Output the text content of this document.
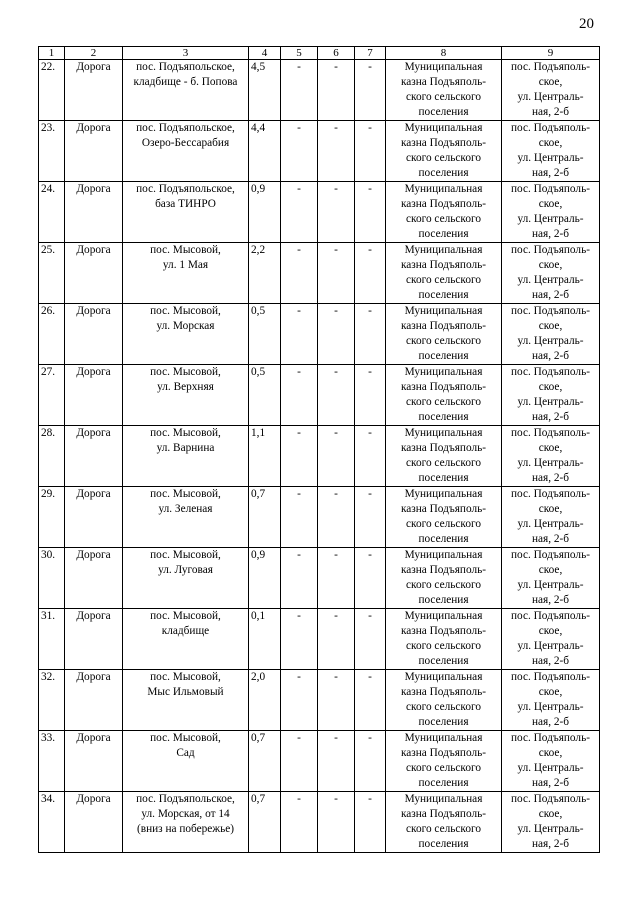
20
1	2	3	4	5	6	7	8	9
22.	Дорога	пос. Подъяпольское,
кладбище - б. Попова	4,5	-	-	-	Муниципальная
казна Подъяполь-
ского сельского
поселения	пос. Подъяполь-
ское,
ул. Централь-
ная, 2-б
23.	Дорога	пос. Подъяпольское,
Озеро-Бессарабия	4,4	-	-	-	Муниципальная
казна Подъяполь-
ского сельского
поселения	пос. Подъяполь-
ское,
ул. Централь-
ная, 2-б
24.	Дорога	пос. Подъяпольское,
база ТИНРО	0,9	-	-	-	Муниципальная
казна Подъяполь-
ского сельского
поселения	пос. Подъяполь-
ское,
ул. Централь-
ная, 2-б
25.	Дорога	пос. Мысовой,
ул. 1 Мая	2,2	-	-	-	Муниципальная
казна Подъяполь-
ского сельского
поселения	пос. Подъяполь-
ское,
ул. Централь-
ная, 2-б
26.	Дорога	пос. Мысовой,
ул. Морская	0,5	-	-	-	Муниципальная
казна Подъяполь-
ского сельского
поселения	пос. Подъяполь-
ское,
ул. Централь-
ная, 2-б
27.	Дорога	пос. Мысовой,
ул. Верхняя	0,5	-	-	-	Муниципальная
казна Подъяполь-
ского сельского
поселения	пос. Подъяполь-
ское,
ул. Централь-
ная, 2-б
28.	Дорога	пос. Мысовой,
ул. Варнина	1,1	-	-	-	Муниципальная
казна Подъяполь-
ского сельского
поселения	пос. Подъяполь-
ское,
ул. Централь-
ная, 2-б
29.	Дорога	пос. Мысовой,
ул. Зеленая	0,7	-	-	-	Муниципальная
казна Подъяполь-
ского сельского
поселения	пос. Подъяполь-
ское,
ул. Централь-
ная, 2-б
30.	Дорога	пос. Мысовой,
ул. Луговая	0,9	-	-	-	Муниципальная
казна Подъяполь-
ского сельского
поселения	пос. Подъяполь-
ское,
ул. Централь-
ная, 2-б
31.	Дорога	пос. Мысовой,
кладбище	0,1	-	-	-	Муниципальная
казна Подъяполь-
ского сельского
поселения	пос. Подъяполь-
ское,
ул. Централь-
ная, 2-б
32.	Дорога	пос. Мысовой,
Мыс Ильмовый	2,0	-	-	-	Муниципальная
казна Подъяполь-
ского сельского
поселения	пос. Подъяполь-
ское,
ул. Централь-
ная, 2-б
33.	Дорога	пос. Мысовой,
Сад	0,7	-	-	-	Муниципальная
казна Подъяполь-
ского сельского
поселения	пос. Подъяполь-
ское,
ул. Централь-
ная, 2-б
34.	Дорога	пос. Подъяпольское,
ул. Морская, от 14
(вниз на побережье)	0,7	-	-	-	Муниципальная
казна Подъяполь-
ского сельского
поселения	пос. Подъяполь-
ское,
ул. Централь-
ная, 2-б
